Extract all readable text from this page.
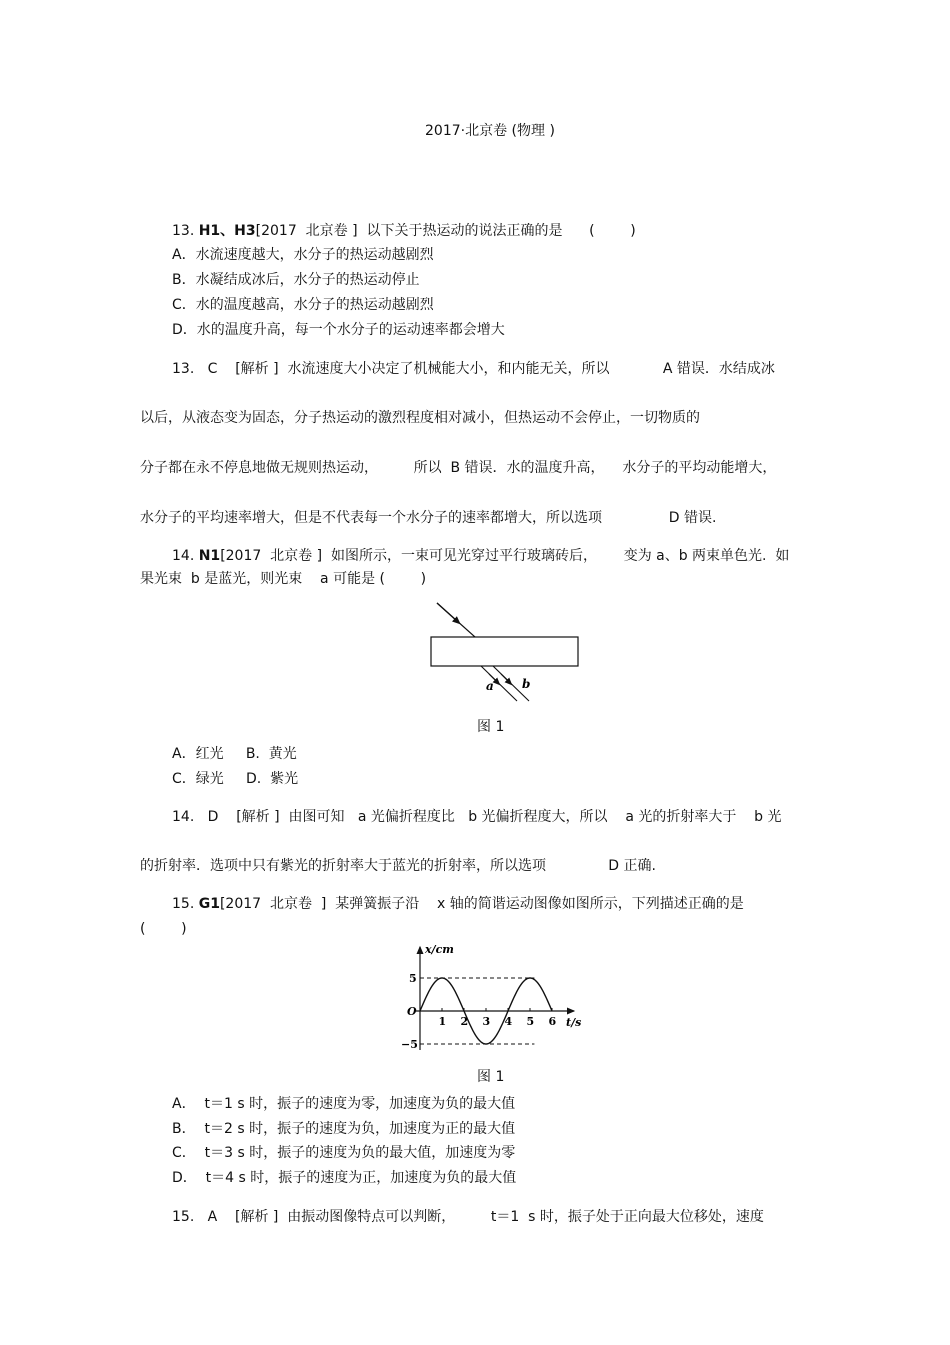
2017·北京卷 (物理 )
13. H1、H3[2017  北京卷 ]  以下关于热运动的说法正确的是      (        )
A．水流速度越大，水分子的热运动越剧烈
B．水凝结成冰后，水分子的热运动停止
C．水的温度越高，水分子的热运动越剧烈
D．水的温度升高，每一个水分子的运动速率都会增大
13.   C    [解析 ]  水流速度大小决定了机械能大小，和内能无关，所以            A 错误．水结成冰
以后，从液态变为固态，分子热运动的激烈程度相对减小，但热运动不会停止，一切物质的
分子都在永不停息地做无规则热运动，        所以  B 错误．水的温度升高，    水分子的平均动能增大，
水分子的平均速率增大，但是不代表每一个水分子的速率都增大，所以选项               D 错误.
14. N1[2017  北京卷 ]  如图所示，一束可见光穿过平行玻璃砖后，      变为 a、b 两束单色光.  如
果光束  b 是蓝光，则光束    a 可能是 (        )
a b
图 1
A．红光     B.  黄光
C．绿光     D.  紫光
14.   D    [解析 ]  由图可知   a 光偏折程度比   b 光偏折程度大，所以    a 光的折射率大于    b 光
的折射率．选项中只有紫光的折射率大于蓝光的折射率，所以选项              D 正确.
15. G1[2017  北京卷  ]  某弹簧振子沿    x 轴的简谐运动图像如图所示，下列描述正确的是
(        )
1 2 3 4 5 6
5
−5
O
x/cm
t/s
图 1
A．  t＝1 s 时，振子的速度为零，加速度为负的最大值
B．  t＝2 s 时，振子的速度为负，加速度为正的最大值
C．  t＝3 s 时，振子的速度为负的最大值，加速度为零
D．  t＝4 s 时，振子的速度为正，加速度为负的最大值
15.   A    [解析 ]  由振动图像特点可以判断，        t＝1  s 时，振子处于正向最大位移处，速度
